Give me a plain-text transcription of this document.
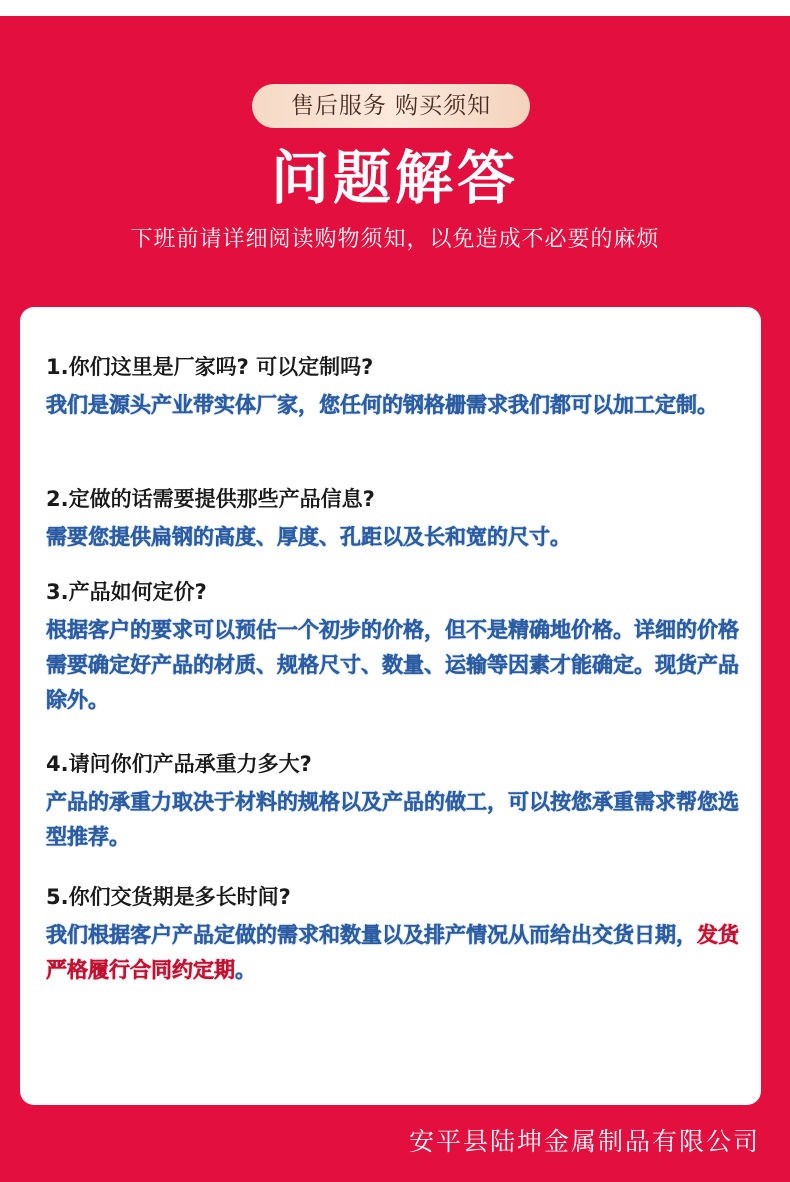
售后服务 购买须知
问题解答
下班前请详细阅读购物须知，以免造成不必要的麻烦
1.你们这里是厂家吗? 可以定制吗?
我们是源头产业带实体厂家，您任何的钢格栅需求我们都可以加工定制。
2.定做的话需要提供那些产品信息?
需要您提供扁钢的高度、厚度、孔距以及长和宽的尺寸。
3.产品如何定价?
根据客户的要求可以预估一个初步的价格，但不是精确地价格。详细的价格需要确定好产品的材质、规格尺寸、数量、运输等因素才能确定。现货产品除外。
4.请问你们产品承重力多大?
产品的承重力取决于材料的规格以及产品的做工，可以按您承重需求帮您选型推荐。
5.你们交货期是多长时间?
我们根据客户产品定做的需求和数量以及排产情况从而给出交货日期，发货严格履行合同约定期。
安平县陆坤金属制品有限公司
